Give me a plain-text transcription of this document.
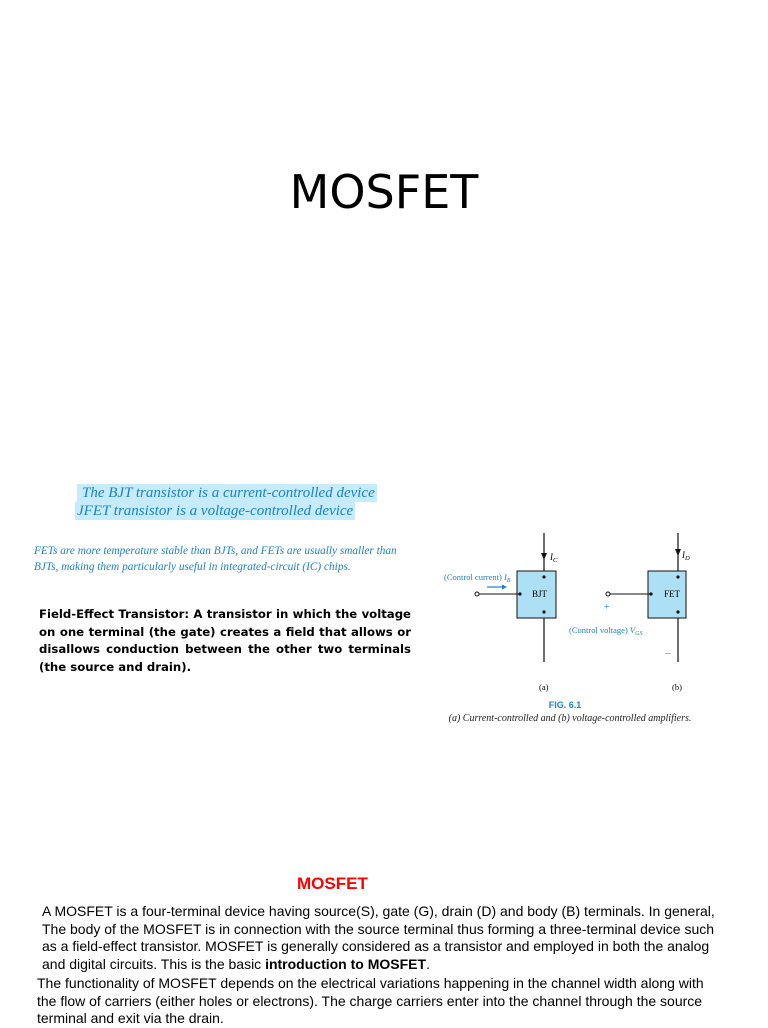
MOSFET
The BJT transistor is a current-controlled device
JFET transistor is a voltage-controlled device
FETs are more temperature stable than BJTs, and FETs are usually smaller than
BJTs, making them particularly useful in integrated-circuit (IC) chips.
Field-Effect Transistor: A transistor in which the voltage on one terminal (the gate) creates a field that allows or disallows conduction between the other two terminals (the source and drain).
$I_C$
BJT
(Control current) $I_B$
(a)
$I_D$
FET
+
(Control voltage) $V_{GS}$
–
(b)
FIG. 6.1
(a) Current-controlled and (b) voltage-controlled amplifiers.
MOSFET
A MOSFET is a four-terminal device having source(S), gate (G), drain (D) and body (B) terminals. In general, The body of the MOSFET is in connection with the source terminal thus forming a three-terminal device such as a field-effect transistor. MOSFET is generally considered as a transistor and employed in both the analog and digital circuits. This is the basic introduction to MOSFET.
The functionality of MOSFET depends on the electrical variations happening in the channel width along with the flow of carriers (either holes or electrons). The charge carriers enter into the channel through the source terminal and exit via the drain.
